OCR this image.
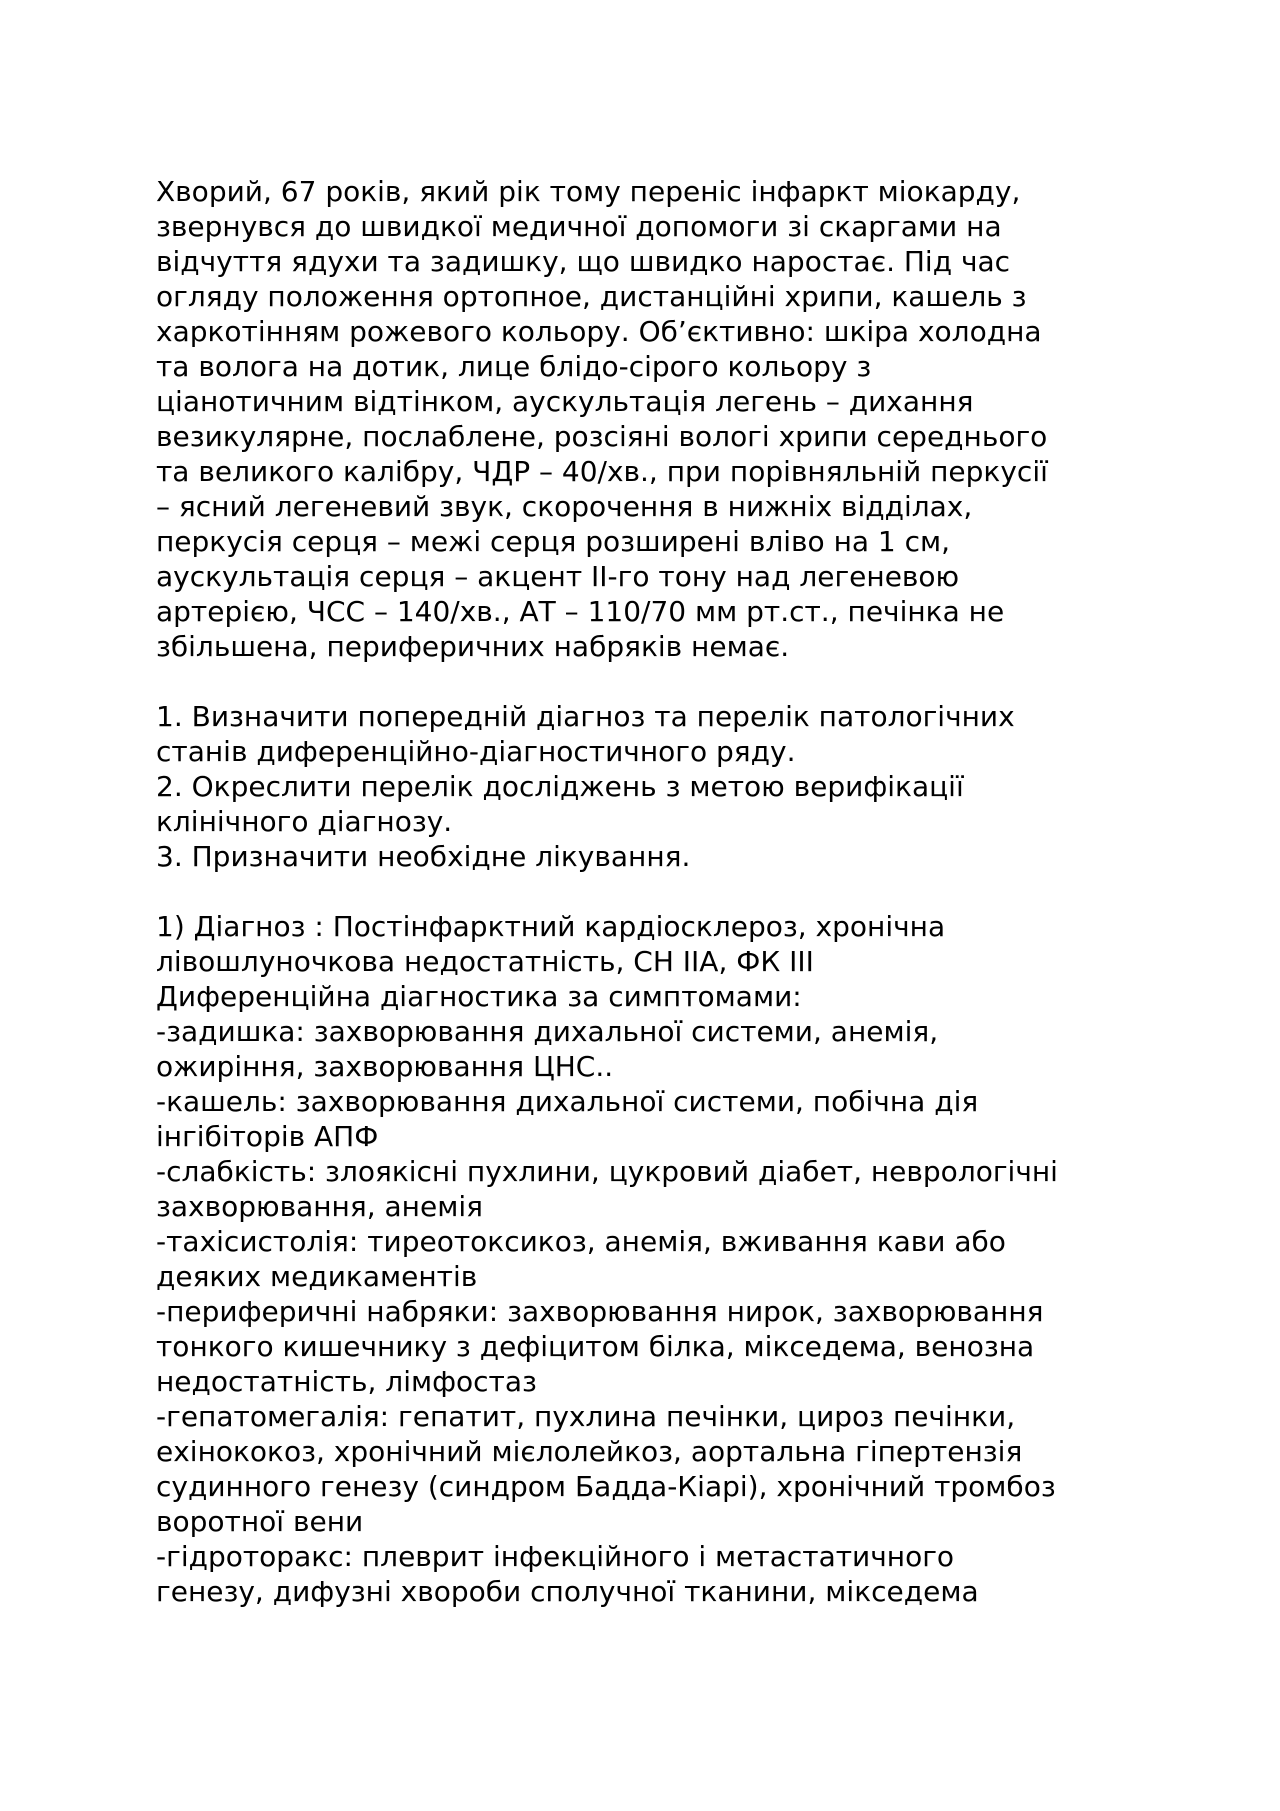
Хворий, 67 років, який рік тому переніс інфаркт міокарду,
звернувся до швидкої медичної допомоги зі скаргами на
відчуття ядухи та задишку, що швидко наростає. Під час
огляду положення ортопное, дистанційні хрипи, кашель з
харкотінням рожевого кольору. Об’єктивно: шкіра холодна
та волога на дотик, лице блідо-сірого кольору з
ціанотичним відтінком, аускультація легень – дихання
везикулярне, послаблене, розсіяні вологі хрипи середнього
та великого калібру, ЧДР – 40/хв., при порівняльній перкусії
– ясний легеневий звук, скорочення в нижніх відділах,
перкусія серця – межі серця розширені вліво на 1 см,
аускультація серця – акцент ІІ-го тону над легеневою
артерією, ЧСС – 140/хв., АТ – 110/70 мм рт.ст., печінка не
збільшена, периферичних набряків немає.
1. Визначити попередній діагноз та перелік патологічних
станів диференційно-діагностичного ряду.
2. Окреслити перелік досліджень з метою верифікації
клінічного діагнозу.
3. Призначити необхідне лікування.
1) Діагноз : Постінфарктний кардіосклероз, хронічна
лівошлуночкова недостатність, СН ІІА, ФК ІІІ
Диференційна діагностика за симптомами:
-задишка: захворювання дихальної системи, анемія,
ожиріння, захворювання ЦНС..
-кашель: захворювання дихальної системи, побічна дія
інгібіторів АПФ
-слабкість: злоякісні пухлини, цукровий діабет, неврологічні
захворювання, анемія
-тахісистолія: тиреотоксикоз, анемія, вживання кави або
деяких медикаментів
-периферичні набряки: захворювання нирок, захворювання
тонкого кишечнику з дефіцитом білка, мікседема, венозна
недостатність, лімфостаз
-гепатомегалія: гепатит, пухлина печінки, цироз печінки,
ехінококоз, хронічний мієлолейкоз, аортальна гіпертензія
судинного генезу (синдром Бадда-Кіарі), хронічний тромбоз
воротної вени
-гідроторакс: плеврит інфекційного і метастатичного
генезу, дифузні хвороби сполучної тканини, мікседема
